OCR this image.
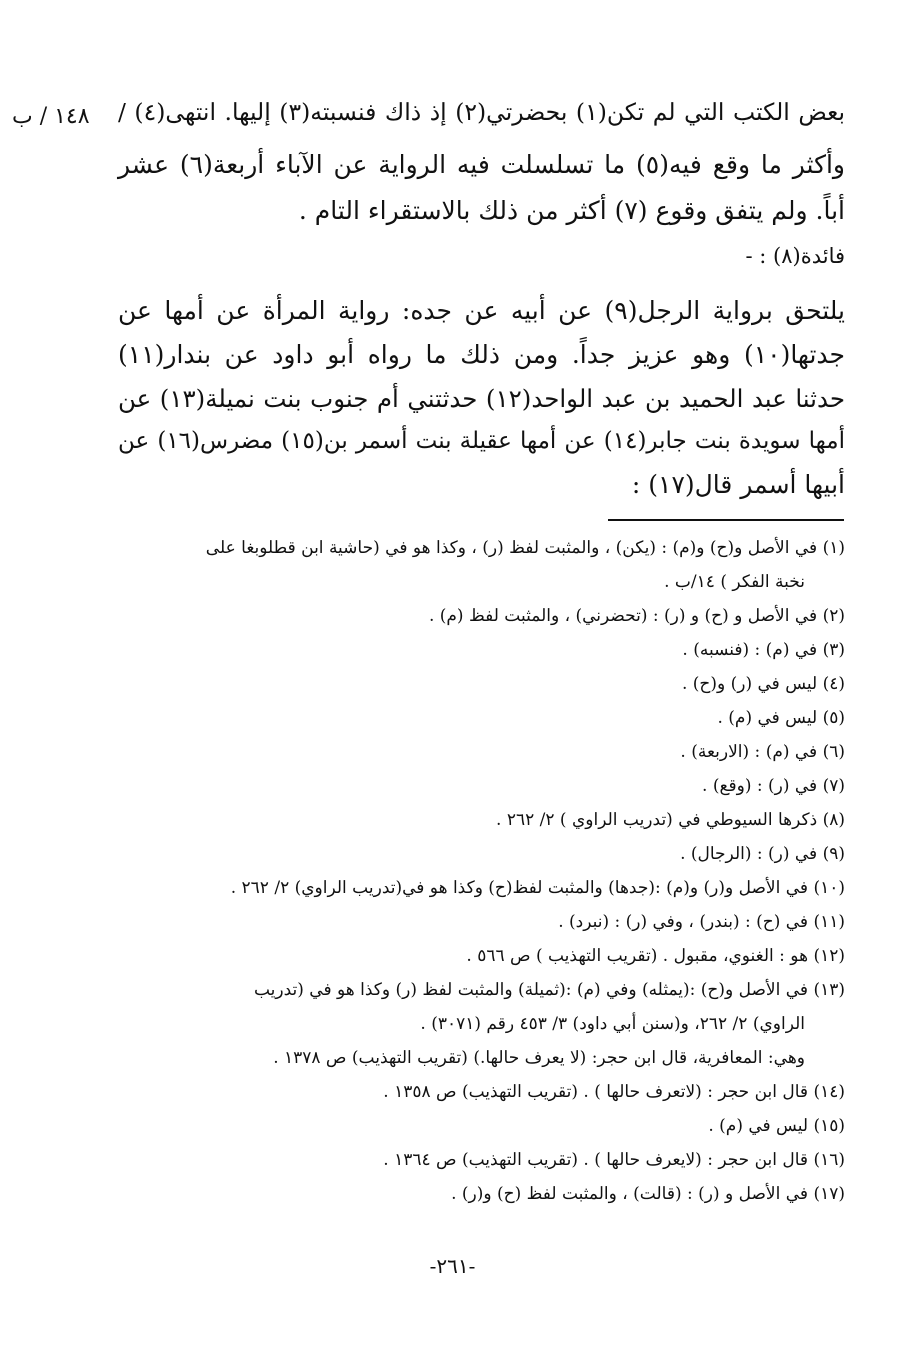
١٤٨ / ب بعض الكتب التي لم تكن(١) بحضرتي(٢) إذ ذاك فنسبته(٣) إليها. انتهى(٤) /
وأكثر ما وقع فيه(٥) ما تسلسلت فيه الرواية عن الآباء أربعة(٦) عشر
أباً. ولم يتفق وقوع (٧) أكثر من ذلك بالاستقراء التام .
فائدة(٨) : -
يلتحق برواية الرجل(٩) عن أبيه عن جده: رواية المرأة عن أمها عن
جدتها(١٠) وهو عزيز جداً. ومن ذلك ما رواه أبو داود عن بندار(١١)
حدثنا عبد الحميد بن عبد الواحد(١٢) حدثتني أم جنوب بنت نميلة(١٣) عن
أمها سويدة بنت جابر(١٤) عن أمها عقيلة بنت أسمر بن(١٥) مضرس(١٦) عن
أبيها أسمر قال(١٧) :
(١) في الأصل و(ح) و(م) : (يكن) ، والمثبت لفظ (ر) ، وكذا هو في (حاشية ابن قطلوبغا على
نخبة الفكر ) ١٤/ب .
(٢) في الأصل و (ح) و (ر) : (تحضرني) ، والمثبت لفظ (م) .
(٣) في (م) : (فنسبه) .
(٤) ليس في (ر) و(ح) .
(٥) ليس في (م) .
(٦) في (م) : (الاربعة) .
(٧) في (ر) : (وقع) .
(٨) ذكرها السيوطي في (تدريب الراوي ) ٢/ ٢٦٢ .
(٩) في (ر) : (الرجال) .
(١٠) في الأصل و(ر) و(م) :(جدها) والمثبت لفظ(ح) وكذا هو في(تدريب الراوي) ٢/ ٢٦٢ .
(١١) في (ح) : (بندر) ، وفي (ر) : (نبرد) .
(١٢) هو : الغنوي، مقبول . (تقريب التهذيب ) ص ٥٦٦ .
(١٣) في الأصل و(ح) :(يمثله) وفي (م) :(ثميلة) والمثبت لفظ (ر) وكذا هو في (تدريب
الراوي) ٢/ ٢٦٢، و(سنن أبي داود) ٣/ ٤٥٣ رقم (٣٠٧١) .
وهي: المعافرية، قال ابن حجر: (لا يعرف حالها.) (تقريب التهذيب) ص ١٣٧٨ .
(١٤) قال ابن حجر : (لاتعرف حالها ) . (تقريب التهذيب) ص ١٣٥٨ .
(١٥) ليس في (م) .
(١٦) قال ابن حجر : (لايعرف حالها ) . (تقريب التهذيب) ص ١٣٦٤ .
(١٧) في الأصل و (ر) : (قالت) ، والمثبت لفظ (ح) و(ر) .
-٢٦١-
